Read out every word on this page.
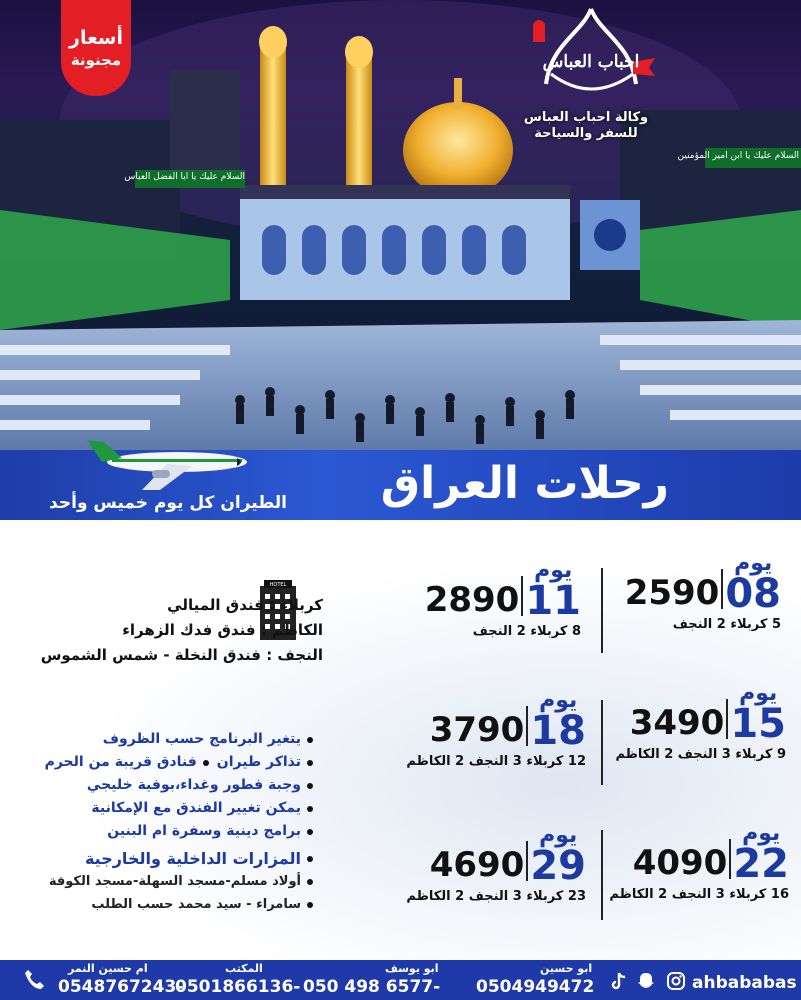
السلام عليك يا ابا الفضل العباس
السلام عليك يا ابن امير المؤمنين
أسعار
مجنونة	احباب العباس
وكالة احباب العباس
للسفر والسياحة
رحلات العراق
الطيران كل يوم خميس وأحد
يوم
08
2590
5 كربلاء 2 النجف
يوم
11
2890
8 كربلاء 2 النجف
يوم
15
3490
9 كربلاء 3 النجف 2 الكاظم
يوم
18
3790
12 كربلاء 3 النجف 2 الكاظم
يوم
22
4090
16 كربلاء 3 النجف 2 الكاظم
يوم
29
4690
23 كربلاء 3 النجف 2 الكاظم
HOTEL
كربلاء : فندق الميالي
الكاظم : فندق فدك الزهراء
النجف : فندق النخلة - شمس الشموس
يتغير البرنامج حسب الظروف
تذاكر طيران
فنادق قريبة من الحرم
وجبة فطور وغداء،بوفية خليجي
يمكن تغيير الفندق مع الإمكانية
برامج دينية وسفرة ام البنين
المزارات الداخلية والخارجية
أولاد مسلم-مسجد السهلة-مسجد الكوفة
سامراء - سيد محمد حسب الطلب
ام حسين النمر
0548767243-
المكتب
0501866136-
ابو يوسف
050 498 6577-
ابو حسين
0504949472	ahbababas
